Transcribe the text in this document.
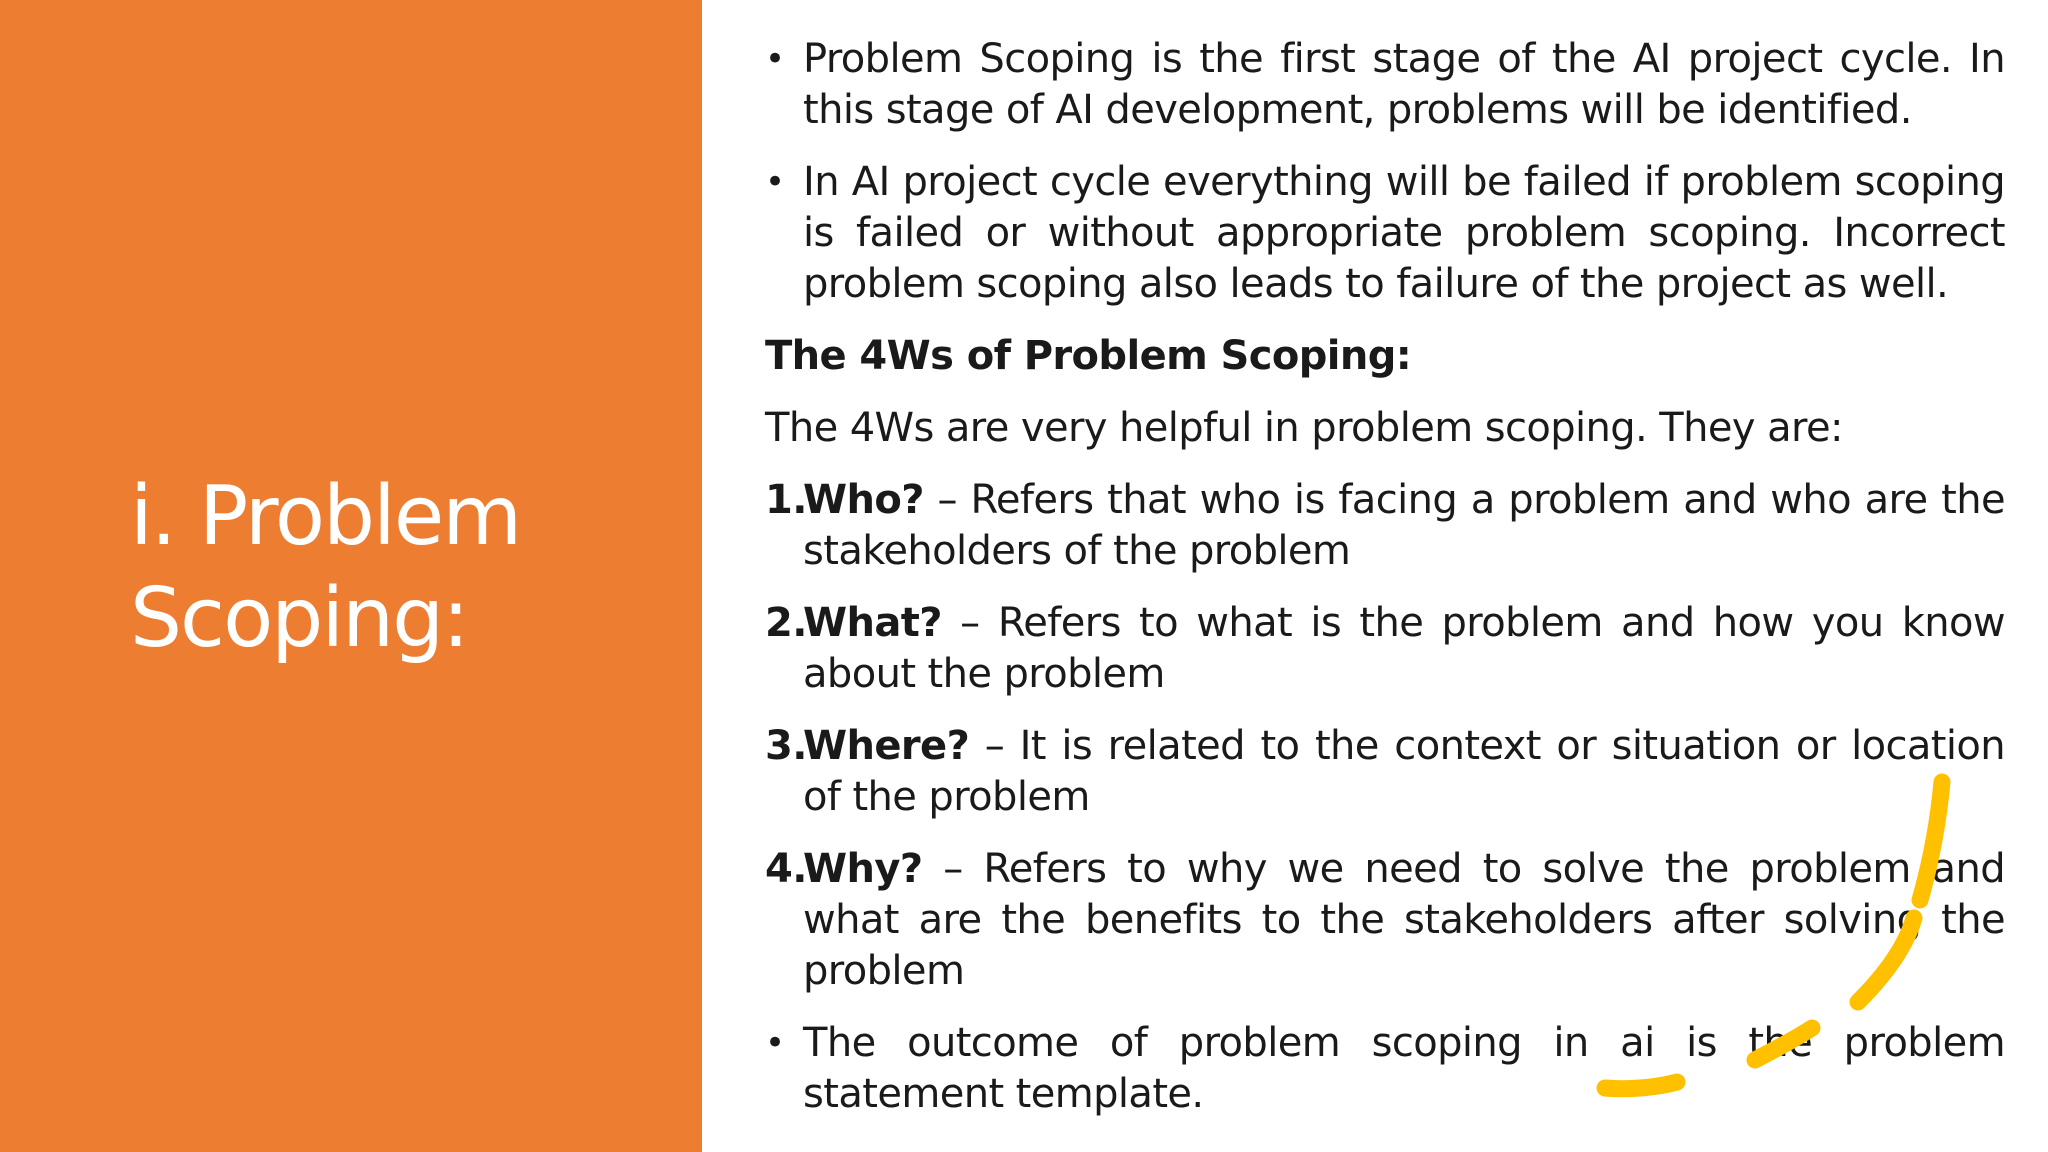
i. Problem Scoping:
• Problem Scoping is the first stage of the AI project cycle. In this stage of AI development, problems will be identified.
• In AI project cycle everything will be failed if problem scoping is failed or without appropriate problem scoping. Incorrect problem scoping also leads to failure of the project as well.
The 4Ws of Problem Scoping:
The 4Ws are very helpful in problem scoping. They are:
1.
Who? – Refers that who is facing a problem and who are the stakeholders of the problem
2.
What? – Refers to what is the problem and how you know about the problem
3.
Where? – It is related to the context or situation or location of the problem
4.
Why? – Refers to why we need to solve the problem and what are the benefits to the stakeholders after solving the problem
• The outcome of problem scoping in ai is the problem statement template.
